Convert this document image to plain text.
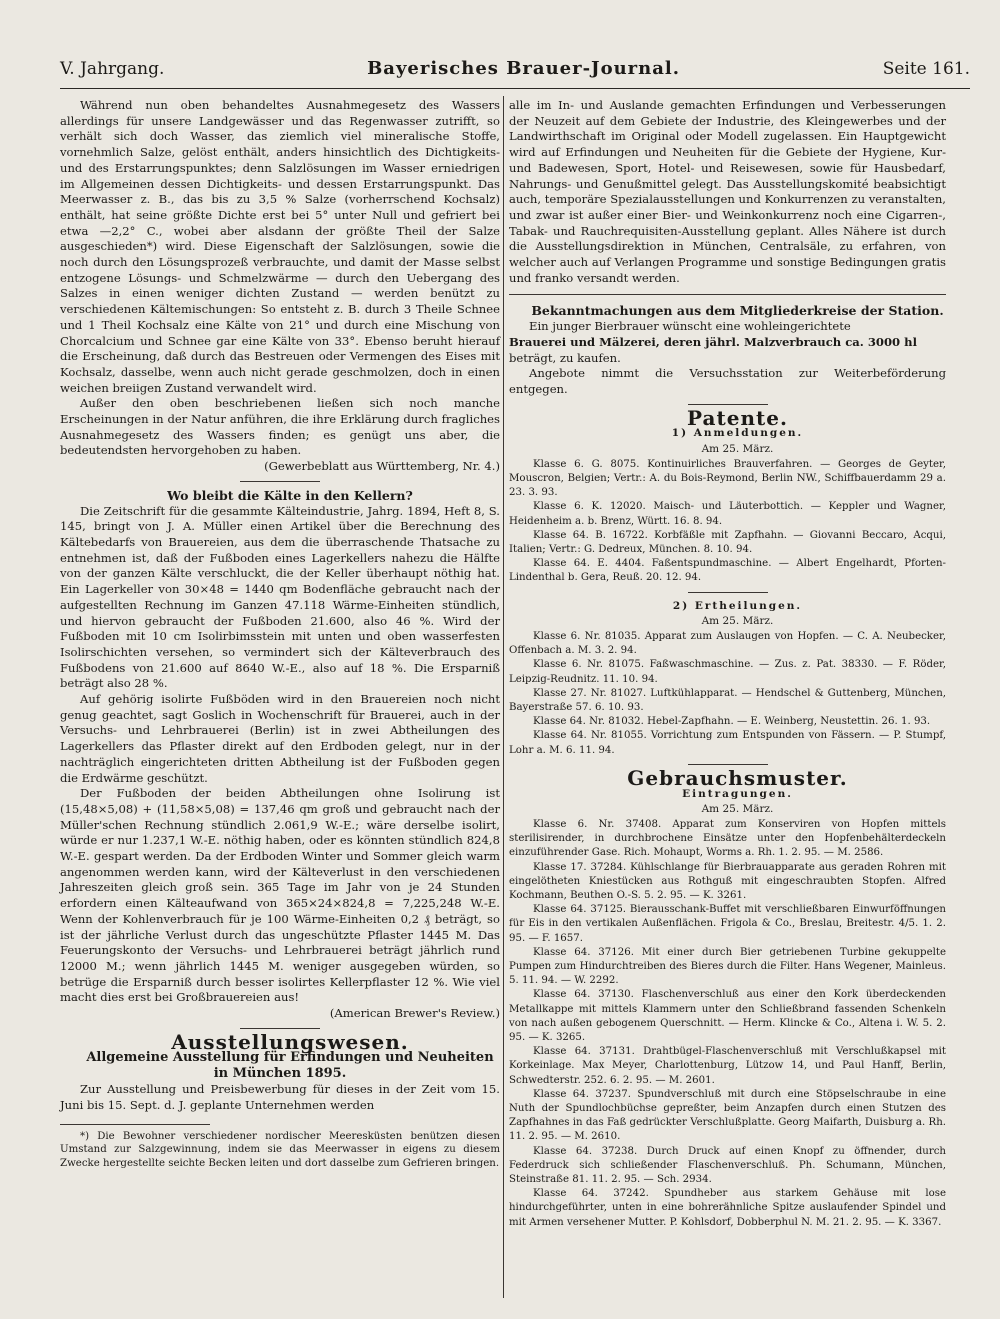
V. Jahrgang.	Bayerisches Brauer-Journal.	Seite 161.

Während nun oben behandeltes Ausnahmegesetz des Wassers allerdings für unsere Landgewässer und das Regenwasser zutrifft, so verhält sich doch Wasser, das ziemlich viel mineralische Stoffe, vornehmlich Salze, gelöst enthält, anders hinsichtlich des Dichtigkeits- und des Erstarrungspunktes; denn Salzlösungen im Wasser erniedrigen im Allgemeinen dessen Dichtigkeits- und dessen Erstarrungspunkt. Das Meerwasser z. B., das bis zu 3,5 % Salze (vorherrschend Kochsalz) enthält, hat seine größte Dichte erst bei 5° unter Null und gefriert bei etwa —2,2° C., wobei aber alsdann der größte Theil der Salze ausgeschieden*) wird. Diese Eigenschaft der Salzlösungen, sowie die noch durch den Lösungsprozeß verbrauchte, und damit der Masse selbst entzogene Lösungs- und Schmelzwärme — durch den Uebergang des Salzes in einen weniger dichten Zustand — werden benützt zu verschiedenen Kältemischungen: So entsteht z. B. durch 3 Theile Schnee und 1 Theil Kochsalz eine Kälte von 21° und durch eine Mischung von Chorcalcium und Schnee gar eine Kälte von 33°. Ebenso beruht hierauf die Erscheinung, daß durch das Bestreuen oder Vermengen des Eises mit Kochsalz, dasselbe, wenn auch nicht gerade geschmolzen, doch in einen weichen breiigen Zustand verwandelt wird.

Außer den oben beschriebenen ließen sich noch manche Erscheinungen in der Natur anführen, die ihre Erklärung durch fragliches Ausnahmegesetz des Wassers finden; es genügt uns aber, die bedeutendsten hervorgehoben zu haben.

(Gewerbeblatt aus Württemberg, Nr. 4.)

Wo bleibt die Kälte in den Kellern?

Die Zeitschrift für die gesammte Kälteindustrie, Jahrg. 1894, Heft 8, S. 145, bringt von J. A. Müller einen Artikel über die Berechnung des Kältebedarfs von Brauereien, aus dem die überraschende Thatsache zu entnehmen ist, daß der Fußboden eines Lagerkellers nahezu die Hälfte von der ganzen Kälte verschluckt, die der Keller überhaupt nöthig hat. Ein Lagerkeller von 30×48 = 1440 qm Bodenfläche gebraucht nach der aufgestellten Rechnung im Ganzen 47.118 Wärme-Einheiten stündlich, und hiervon gebraucht der Fußboden 21.600, also 46 %. Wird der Fußboden mit 10 cm Isolirbimsstein mit unten und oben wasserfesten Isolirschichten versehen, so vermindert sich der Kälteverbrauch des Fußbodens von 21.600 auf 8640 W.-E., also auf 18 %. Die Ersparniß beträgt also 28 %.

Auf gehörig isolirte Fußböden wird in den Brauereien noch nicht genug geachtet, sagt Goslich in Wochenschrift für Brauerei, auch in der Versuchs- und Lehrbrauerei (Berlin) ist in zwei Abtheilungen des Lagerkellers das Pflaster direkt auf den Erdboden gelegt, nur in der nachträglich eingerichteten dritten Abtheilung ist der Fußboden gegen die Erdwärme geschützt.

Der Fußboden der beiden Abtheilungen ohne Isolirung ist (15,48×5,08) + (11,58×5,08) = 137,46 qm groß und gebraucht nach der Müller'schen Rechnung stündlich 2.061,9 W.-E.; wäre derselbe isolirt, würde er nur 1.237,1 W.-E. nöthig haben, oder es könnten stündlich 824,8 W.-E. gespart werden. Da der Erdboden Winter und Sommer gleich warm angenommen werden kann, wird der Kälteverlust in den verschiedenen Jahreszeiten gleich groß sein. 365 Tage im Jahr von je 24 Stunden erfordern einen Kälteaufwand von 365×24×824,8 = 7,225,248 W.-E. Wenn der Kohlenverbrauch für je 100 Wärme-Einheiten 0,2 ₰ beträgt, so ist der jährliche Verlust durch das ungeschützte Pflaster 1445 M. Das Feuerungskonto der Versuchs- und Lehrbrauerei beträgt jährlich rund 12000 M.; wenn jährlich 1445 M. weniger ausgegeben würden, so betrüge die Ersparniß durch besser isolirtes Kellerpflaster 12 %. Wie viel macht dies erst bei Großbrauereien aus!

(American Brewer's Review.)

Ausstellungswesen.

Allgemeine Ausstellung für Erfindungen und Neuheiten in München 1895.

Zur Ausstellung und Preisbewerbung für dieses in der Zeit vom 15. Juni bis 15. Sept. d. J. geplante Unternehmen werden

*) Die Bewohner verschiedener nordischer Meeresküsten benützen diesen Umstand zur Salzgewinnung, indem sie das Meerwasser in eigens zu diesem Zwecke hergestellte seichte Becken leiten und dort dasselbe zum Gefrieren bringen.

alle im In- und Auslande gemachten Erfindungen und Verbesserungen der Neuzeit auf dem Gebiete der Industrie, des Kleingewerbes und der Landwirthschaft im Original oder Modell zugelassen. Ein Hauptgewicht wird auf Erfindungen und Neuheiten für die Gebiete der Hygiene, Kur- und Badewesen, Sport, Hotel- und Reisewesen, sowie für Hausbedarf, Nahrungs- und Genußmittel gelegt. Das Ausstellungskomité beabsichtigt auch, temporäre Spezialausstellungen und Konkurrenzen zu veranstalten, und zwar ist außer einer Bier- und Weinkonkurrenz noch eine Cigarren-, Tabak- und Rauchrequisiten-Ausstellung geplant. Alles Nähere ist durch die Ausstellungsdirektion in München, Centralsäle, zu erfahren, von welcher auch auf Verlangen Programme und sonstige Bedingungen gratis und franko versandt werden.

Bekanntmachungen aus dem Mitgliederkreise der Station.

Ein junger Bierbrauer wünscht eine wohleingerichtete

Brauerei und Mälzerei, deren jährl. Malzverbrauch ca. 3000 hl

beträgt, zu kaufen.

Angebote nimmt die Versuchsstation zur Weiterbeförderung entgegen.

Patente.

1) Anmeldungen.

Am 25. März.

Klasse 6. G. 8075. Kontinuirliches Brauverfahren. — Georges de Geyter, Mouscron, Belgien; Vertr.: A. du Bois-Reymond, Berlin NW., Schiffbauerdamm 29 a. 23. 3. 93.

Klasse 6. K. 12020. Maisch- und Läuterbottich. — Keppler und Wagner, Heidenheim a. b. Brenz, Württ. 16. 8. 94.

Klasse 64. B. 16722. Korbfäßle mit Zapfhahn. — Giovanni Beccaro, Acqui, Italien; Vertr.: G. Dedreux, München. 8. 10. 94.

Klasse 64. E. 4404. Faßentspundmaschine. — Albert Engelhardt, Pforten-Lindenthal b. Gera, Reuß. 20. 12. 94.

2) Ertheilungen.

Am 25. März.

Klasse 6. Nr. 81035. Apparat zum Auslaugen von Hopfen. — C. A. Neubecker, Offenbach a. M. 3. 2. 94.

Klasse 6. Nr. 81075. Faßwaschmaschine. — Zus. z. Pat. 38330. — F. Röder, Leipzig-Reudnitz. 11. 10. 94.

Klasse 27. Nr. 81027. Luftkühlapparat. — Hendschel & Guttenberg, München, Bayerstraße 57. 6. 10. 93.

Klasse 64. Nr. 81032. Hebel-Zapfhahn. — E. Weinberg, Neustettin. 26. 1. 93.

Klasse 64. Nr. 81055. Vorrichtung zum Entspunden von Fässern. — P. Stumpf, Lohr a. M. 6. 11. 94.

Gebrauchsmuster.

Eintragungen.

Am 25. März.

Klasse 6. Nr. 37408. Apparat zum Konserviren von Hopfen mittels sterilisirender, in durchbrochene Einsätze unter den Hopfenbehälterdeckeln einzuführender Gase. Rich. Mohaupt, Worms a. Rh. 1. 2. 95. — M. 2586.

Klasse 17. 37284. Kühlschlange für Bierbrauapparate aus geraden Rohren mit eingelötheten Kniestücken aus Rothguß mit eingeschraubten Stopfen. Alfred Kochmann, Beuthen O.-S. 5. 2. 95. — K. 3261.

Klasse 64. 37125. Bierausschank-Buffet mit verschließbaren Einwurföffnungen für Eis in den vertikalen Außenflächen. Frigola & Co., Breslau, Breitestr. 4/5. 1. 2. 95. — F. 1657.

Klasse 64. 37126. Mit einer durch Bier getriebenen Turbine gekuppelte Pumpen zum Hindurchtreiben des Bieres durch die Filter. Hans Wegener, Mainleus. 5. 11. 94. — W. 2292.

Klasse 64. 37130. Flaschenverschluß aus einer den Kork überdeckenden Metallkappe mit mittels Klammern unter den Schließbrand fassenden Schenkeln von nach außen gebogenem Querschnitt. — Herm. Klincke & Co., Altena i. W. 5. 2. 95. — K. 3265.

Klasse 64. 37131. Drahtbügel-Flaschenverschluß mit Verschlußkapsel mit Korkeinlage. Max Meyer, Charlottenburg, Lützow 14, und Paul Hanff, Berlin, Schwedterstr. 252. 6. 2. 95. — M. 2601.

Klasse 64. 37237. Spundverschluß mit durch eine Stöpselschraube in eine Nuth der Spundlochbüchse gepreßter, beim Anzapfen durch einen Stutzen des Zapfhahnes in das Faß gedrückter Verschlußplatte. Georg Maifarth, Duisburg a. Rh. 11. 2. 95. — M. 2610.

Klasse 64. 37238. Durch Druck auf einen Knopf zu öffnender, durch Federdruck sich schließender Flaschenverschluß. Ph. Schumann, München, Steinstraße 81. 11. 2. 95. — Sch. 2934.

Klasse 64. 37242. Spundheber aus starkem Gehäuse mit lose hindurchgeführter, unten in eine bohrerähnliche Spitze auslaufender Spindel und mit Armen versehener Mutter. P. Kohlsdorf, Dobberphul N. M. 21. 2. 95. — K. 3367.
